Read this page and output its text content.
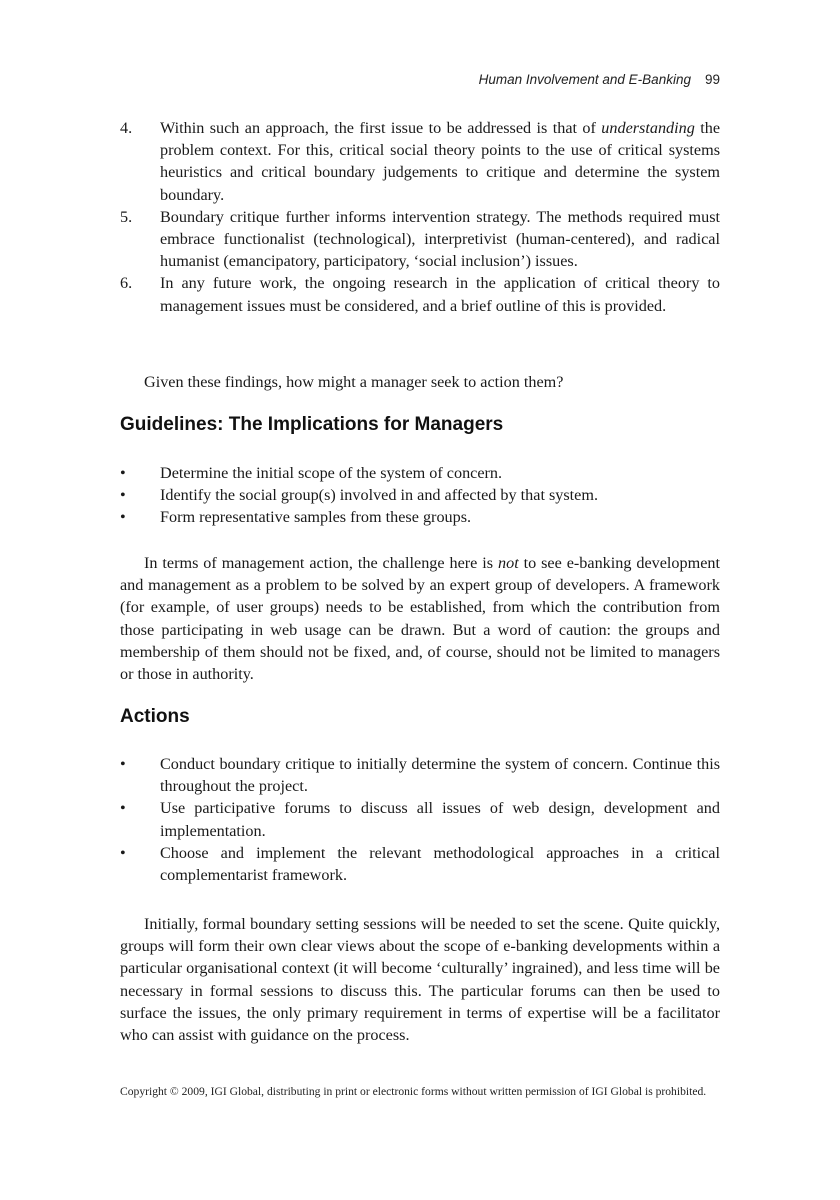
Human Involvement and E-Banking 99
4. Within such an approach, the first issue to be addressed is that of understanding the problem context. For this, critical social theory points to the use of critical systems heuristics and critical boundary judgements to critique and determine the system boundary.
5. Boundary critique further informs intervention strategy. The methods required must embrace functionalist (technological), interpretivist (human-centered), and radical humanist (emancipatory, participatory, ‘social inclusion’) issues.
6. In any future work, the ongoing research in the application of critical theory to management issues must be considered, and a brief outline of this is provided.

Given these findings, how might a manager seek to action them?

Guidelines: The Implications for Managers
• Determine the initial scope of the system of concern.
• Identify the social group(s) involved in and affected by that system.
• Form representative samples from these groups.

In terms of management action, the challenge here is not to see e-banking development and management as a problem to be solved by an expert group of developers. A framework (for example, of user groups) needs to be established, from which the contribution from those participating in web usage can be drawn. But a word of caution: the groups and membership of them should not be fixed, and, of course, should not be limited to managers or those in authority.

Actions
• Conduct boundary critique to initially determine the system of concern. Continue this throughout the project.
• Use participative forums to discuss all issues of web design, development and implementation.
• Choose and implement the relevant methodological approaches in a critical complementarist framework.

Initially, formal boundary setting sessions will be needed to set the scene. Quite quickly, groups will form their own clear views about the scope of e-banking developments within a particular organisational context (it will become ‘culturally’ ingrained), and less time will be necessary in formal sessions to discuss this. The particular forums can then be used to surface the issues, the only primary requirement in terms of expertise will be a facilitator who can assist with guidance on the process.

Copyright © 2009, IGI Global, distributing in print or electronic forms without written permission of IGI Global is prohibited.
